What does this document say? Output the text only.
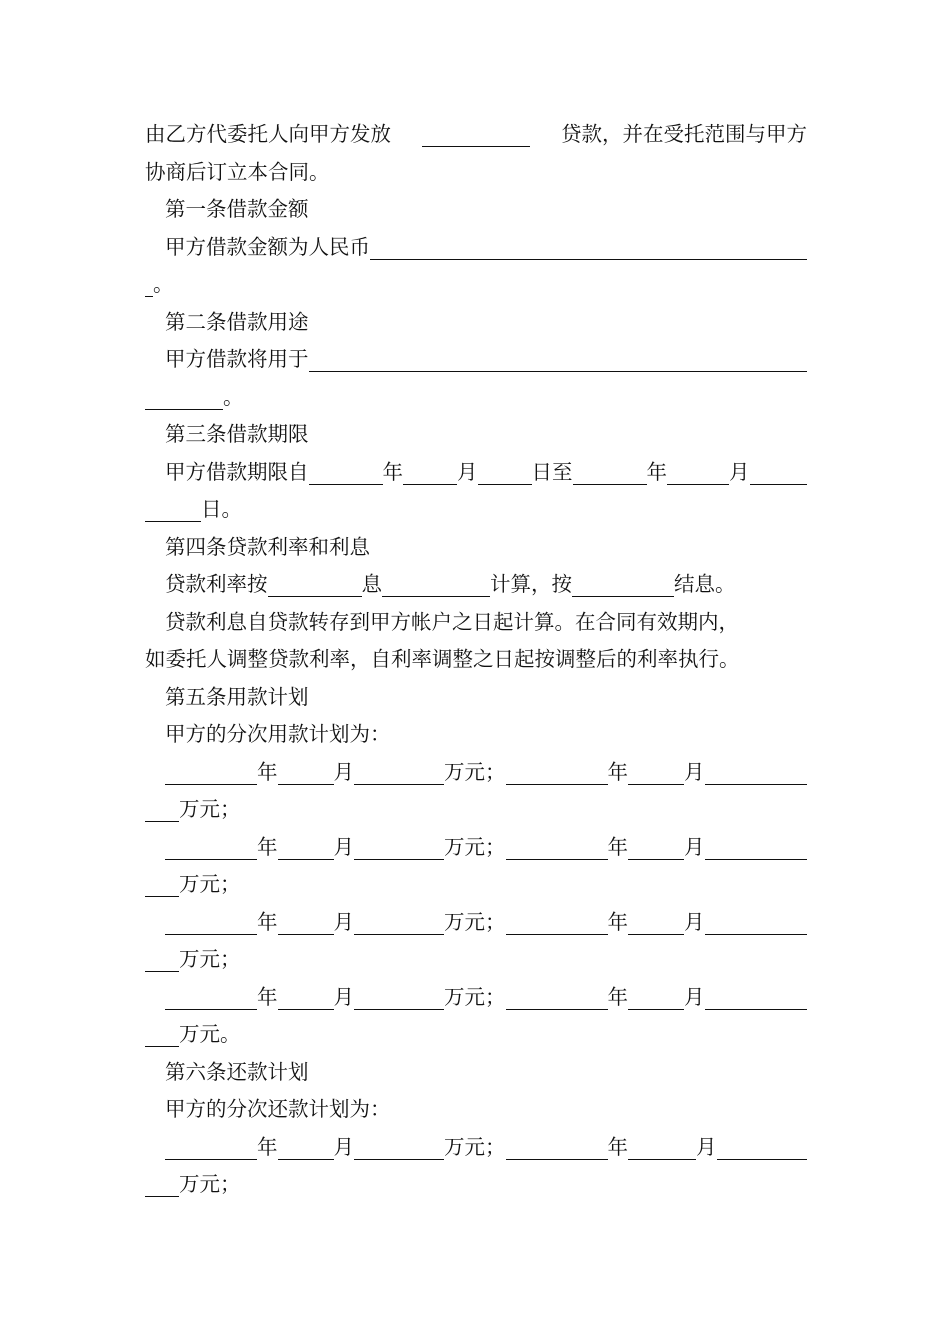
由乙方代委托人向甲方发放	贷款，并在受托范围与甲方
协商后订立本合同。
第一条借款金额
甲方借款金额为人民币
。
第二条借款用途
甲方借款将用于
。
第三条借款期限
甲方借款期限自	年	月	日至	年	月
日。
第四条贷款利率和利息
贷款利率按	息	计算，按	结息。
贷款利息自贷款转存到甲方帐户之日起计算。在合同有效期内，
如委托人调整贷款利率，自利率调整之日起按调整后的利率执行。
第五条用款计划
甲方的分次用款计划为：
年	月	万元；	年	月
万元；
年	月	万元；	年	月
万元；
年	月	万元；	年	月
万元；
年	月	万元；	年	月
万元。
第六条还款计划
甲方的分次还款计划为：
年	月	万元；	年	月
万元；
